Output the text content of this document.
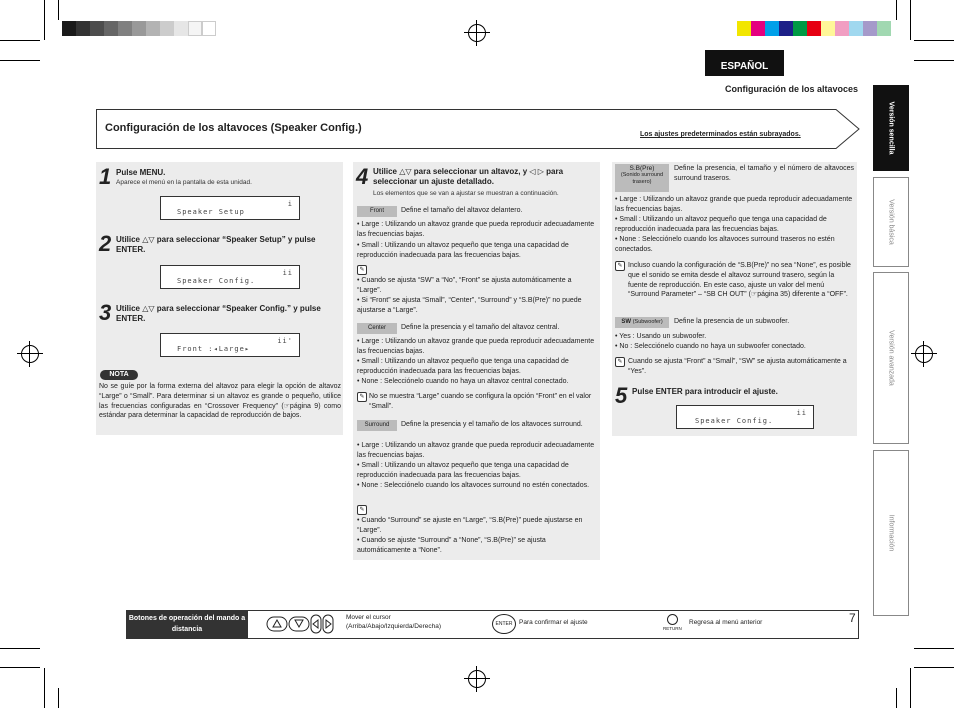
ESPAÑOL
Configuración de los altavoces
Versión sencilla
Versión básica
Versión avanzada
Información
Configuración de los altavoces (Speaker Config.)
Los ajustes predeterminados están subrayados.
1 Pulse MENU.
Aparece el menú en la pantalla de esta unidad.
Speaker Setup
i
2 Utilice △▽ para seleccionar “Speaker Setup” y pulse ENTER.
Speaker Config.
ii
3 Utilice △▽ para seleccionar “Speaker Config.” y pulse ENTER.
Front :◂Large▸
ii'
NOTA
No se guíe por la forma externa del altavoz para elegir la opción de altavoz “Large” o “Small”. Para determinar si un altavoz es grande o pequeño, utilice las frecuencias configuradas en “Crossover Frequency” (☞página 9) como estándar para determinar la capacidad de reproducción de bajos.
4 Utilice △▽ para seleccionar un altavoz, y ◁ ▷ para seleccionar un ajuste detallado.
Los elementos que se van a ajustar se muestran a continuación.
Front	Define el tamaño del altavoz delantero.
• Large : Utilizando un altavoz grande que pueda reproducir adecuadamente las frecuencias bajas.
• Small : Utilizando un altavoz pequeño que tenga una capacidad de reproducción inadecuada para las frecuencias bajas.
✎
• Cuando se ajusta “SW” a “No”, “Front” se ajusta automáticamente a “Large”.
• Si “Front” se ajusta “Small”, “Center”, “Surround” y “S.B(Pre)” no puede ajustarse a “Large”.
Center	Define la presencia y el tamaño del altavoz central.
• Large : Utilizando un altavoz grande que pueda reproducir adecuadamente las frecuencias bajas.
• Small : Utilizando un altavoz pequeño que tenga una capacidad de reproducción inadecuada para las frecuencias bajas.
• None : Selecciónelo cuando no haya un altavoz central conectado.
✎ No se muestra “Large” cuando se configura la opción “Front” en el valor “Small”.
Surround	Define la presencia y el tamaño de los altavoces surround.
• Large : Utilizando un altavoz grande que pueda reproducir adecuadamente las frecuencias bajas.
• Small : Utilizando un altavoz pequeño que tenga una capacidad de reproducción inadecuada para las frecuencias bajas.
• None : Selecciónelo cuando los altavoces surround no estén conectados.
✎
• Cuando “Surround” se ajuste en “Large”, “S.B(Pre)” puede ajustarse en “Large”.
• Cuando se ajuste “Surround” a “None”, “S.B(Pre)” se ajusta automáticamente a “None”.
S.B(Pre)
(Sonido surround trasero)
Define la presencia, el tamaño y el número de altavoces surround traseros.
• Large : Utilizando un altavoz grande que pueda reproducir adecuadamente las frecuencias bajas.
• Small : Utilizando un altavoz pequeño que tenga una capacidad de reproducción inadecuada para las frecuencias bajas.
• None : Selecciónelo cuando los altavoces surround traseros no estén conectados.
✎ Incluso cuando la configuración de “S.B(Pre)” no sea “None”, es posible que el sonido se emita desde el altavoz surround trasero, según la fuente de reproducción. En este caso, ajuste un valor del menú “Surround Parameter” – “SB CH OUT” (☞página 35) diferente a “OFF”.
SW (Subwoofer)	Define la presencia de un subwoofer.
• Yes : Usando un subwoofer.
• No : Selecciónelo cuando no haya un subwoofer conectado.
✎ Cuando se ajusta “Front” a “Small”, “SW” se ajusta automáticamente a “Yes”.
5 Pulse ENTER para introducir el ajuste.
Speaker Config.
ii
Botones de operación del mando a distancia
Mover el cursor (Arriba/Abajo/Izquierda/Derecha)	ENTER	Para confirmar el ajuste
RETURN
Regresa al menú anterior	7
